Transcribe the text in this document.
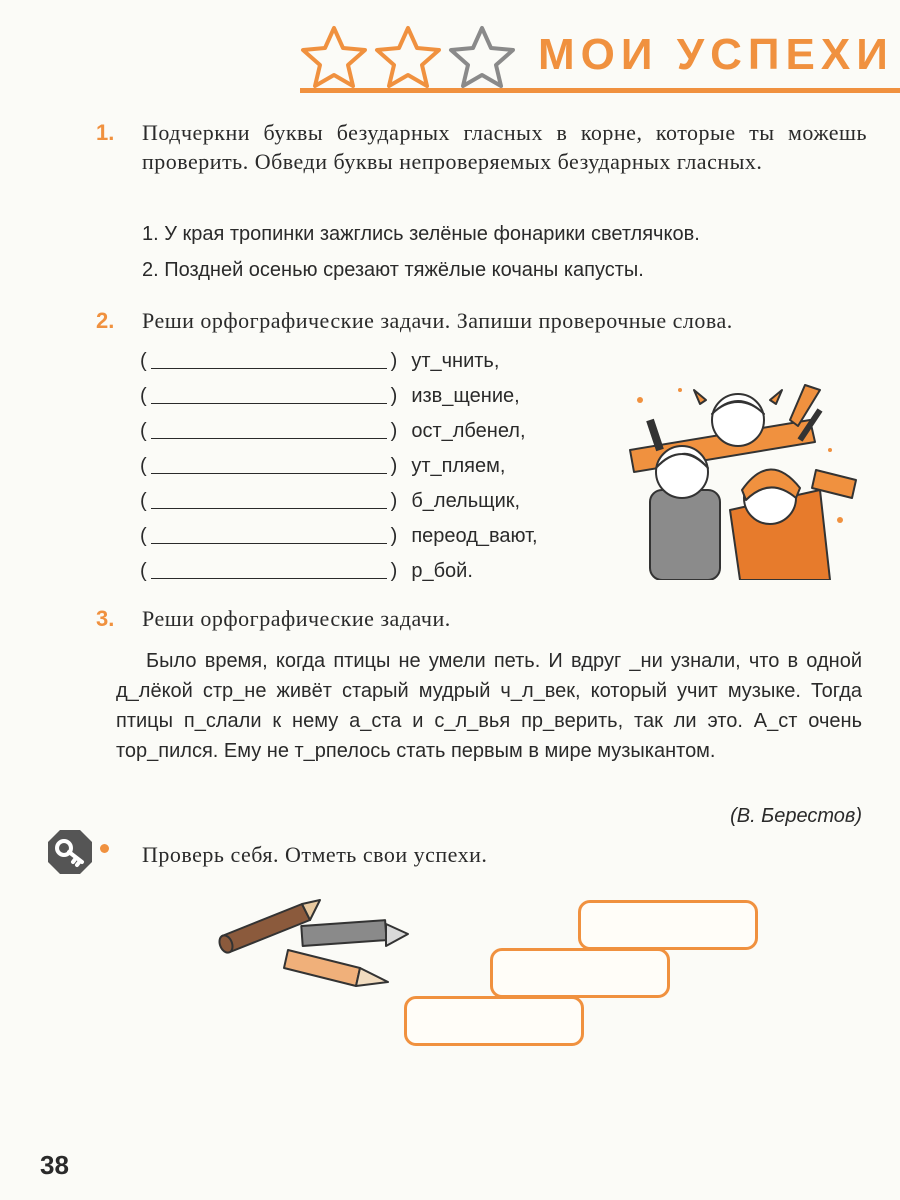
МОИ УСПЕХИ
1. Подчеркни буквы безударных гласных в корне, которые ты можешь проверить. Обведи буквы непроверяемых безударных гласных.
1. У края тропинки зажглись зелёные фонарики светлячков.
2. Поздней осенью срезают тяжёлые кочаны капусты.
2. Реши орфографические задачи. Запиши проверочные слова.
(	) ут_чнить,
(	) изв_щение,
(	) ост_лбенел,
(	) ут_пляем,
(	) б_лельщик,
(	) переод_вают,
(	) р_бой.
3. Реши орфографические задачи.

Было время, когда птицы не умели петь. И вдруг _ни узнали, что в одной д_лёкой стр_не живёт старый мудрый ч_л_век, который учит музыке. Тогда птицы п_слали к нему а_ста и с_л_вья пр_верить, так ли это. А_ст очень тор_пился. Ему не т_рпелось стать первым в мире музыкантом.

(В. Берестов)
Проверь себя. Отметь свои успехи.
38
